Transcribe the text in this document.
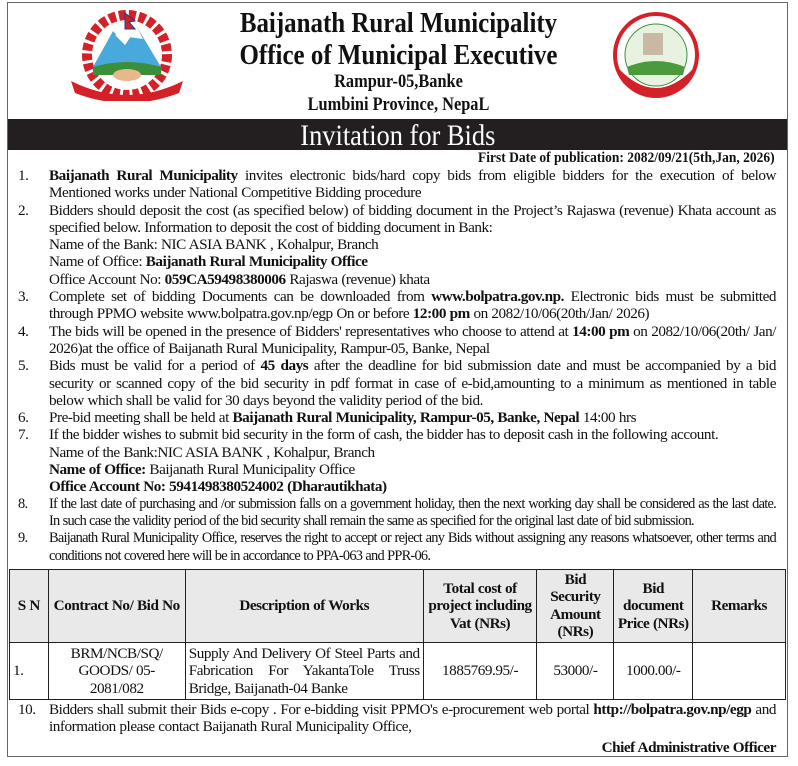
Baijanath Rural Municipality
Office of Municipal Executive
Rampur-05,Banke
Lumbini Province, NepaL
Invitation for Bids
First Date of publication: 2082/09/21(5th,Jan, 2026)
1.	Baijanath Rural Municipality invites electronic bids/hard copy bids from eligible bidders for the execution of below Mentioned works under National Competitive Bidding procedure
2.	Bidders should deposit the cost (as specified below) of bidding document in the Project’s Rajaswa (revenue) Khata account as specified below. Information to deposit the cost of bidding document in Bank:
Name of the Bank: NIC ASIA BANK , Kohalpur, Branch
Name of Office: Baijanath Rural Municipality Office
Office Account No: 059CA59498380006 Rajaswa (revenue) khata
3.	Complete set of bidding Documents can be downloaded from www.bolpatra.gov.np. Electronic bids must be submitted through PPMO website www.bolpatra.gov.np/egp On or before 12:00 pm on 2082/10/06(20th/Jan/ 2026)
4.	The bids will be opened in the presence of Bidders' representatives who choose to attend at 14:00 pm on 2082/10/06(20th/ Jan/ 2026)at the office of Baijanath Rural Municipality, Rampur-05, Banke, Nepal
5.	Bids must be valid for a period of 45 days after the deadline for bid submission date and must be accompanied by a bid security or scanned copy of the bid security in pdf format in case of e-bid,amounting to a minimum as mentioned in table below which shall be valid for 30 days beyond the validity period of the bid.
6.	Pre-bid meeting shall be held at Baijanath Rural Municipality, Rampur-05, Banke, Nepal 14:00 hrs
7.	If the bidder wishes to submit bid security in the form of cash, the bidder has to deposit cash in the following account.
Name of the Bank:NIC ASIA BANK , Kohalpur, Branch
Name of Office: Baijanath Rural Municipality Office
Office Account No: 5941498380524002 (Dharautikhata)
8.	If the last date of purchasing and /or submission falls on a government holiday, then the next working day shall be considered as the last date. In such case the validity period of the bid security shall remain the same as specified for the original last date of bid submission.
9.	Baijanath Rural Municipality Office, reserves the right to accept or reject any Bids without assigning any reasons whatsoever, other terms and conditions not covered here will be in accordance to PPA-063 and PPR-06.
S N	Contract No/ Bid No	Description of Works	Total cost of project including Vat (NRs)	Bid Security Amount (NRs)	Bid document Price (NRs)	Remarks
1.	BRM/NCB/SQ/ GOODS/ 05-2081/082	Supply And Delivery Of Steel Parts and Fabrication For YakantaTole Truss Bridge, Baijanath-04 Banke	1885769.95/-	53000/-	1000.00/-	
10. Bidders shall submit their Bids e-copy . For e-bidding visit PPMO's e-procurement web portal http://bolpatra.gov.np/egp and information please contact Baijanath Rural Municipality Office,
Chief Administrative Officer
